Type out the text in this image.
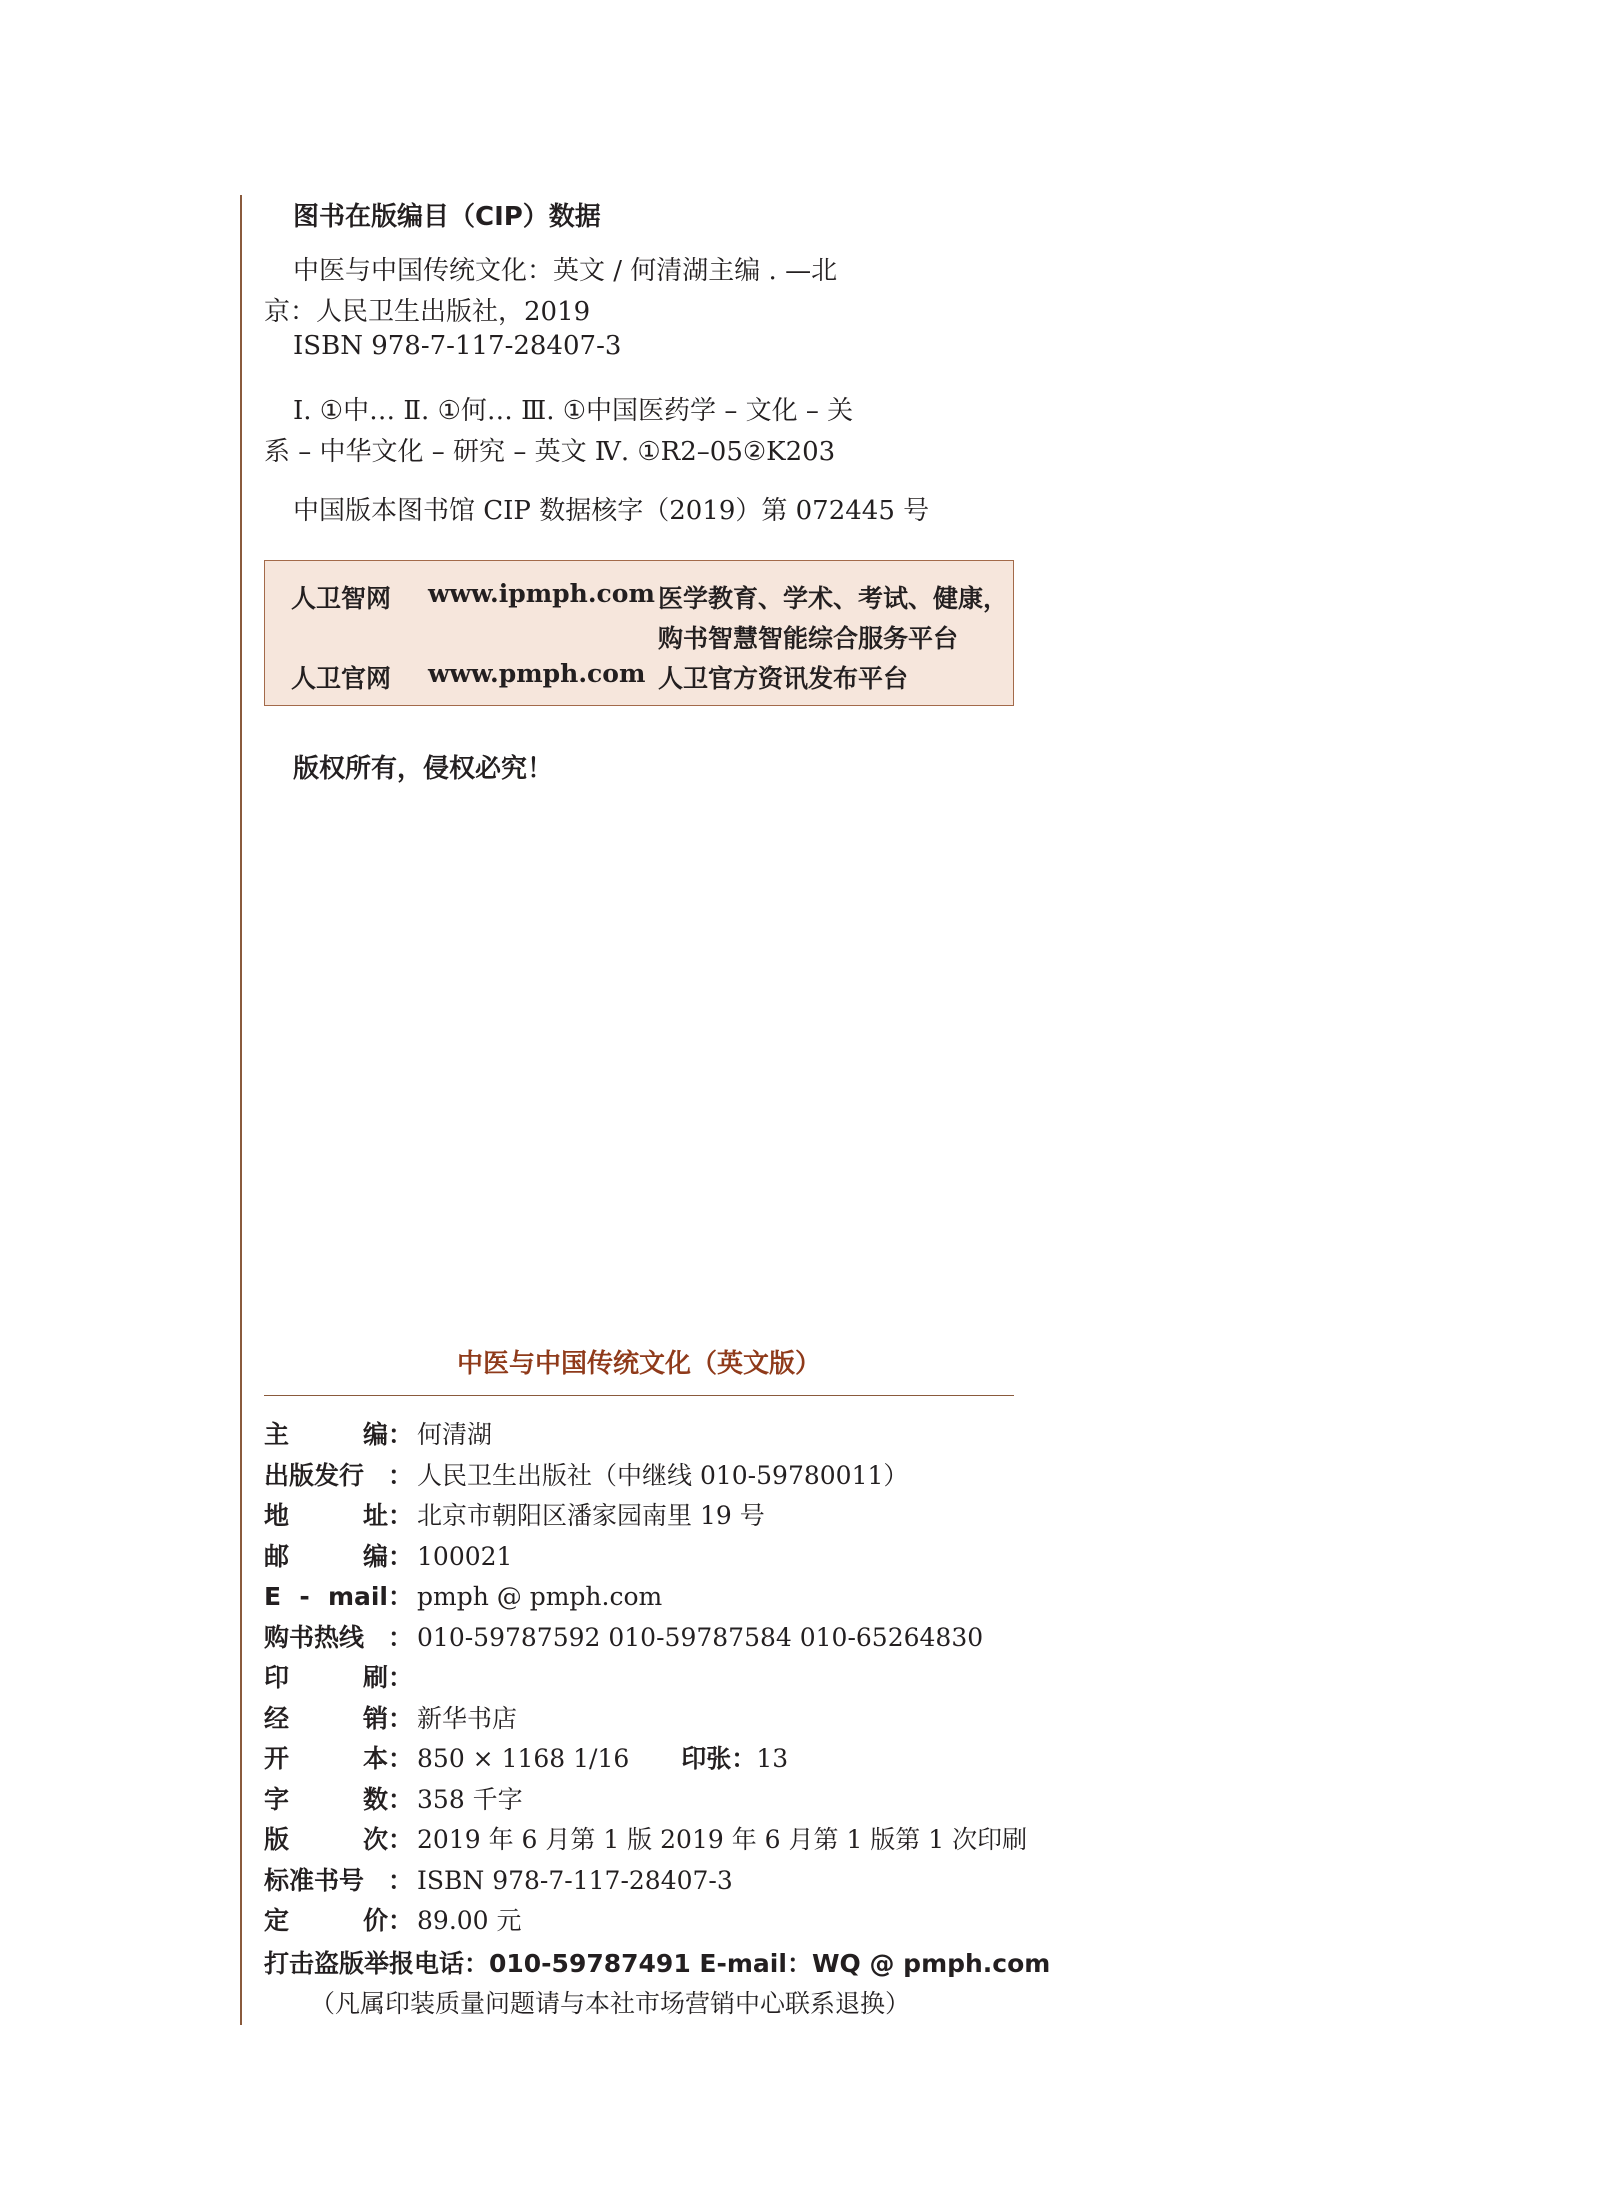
图书在版编目（CIP）数据
中医与中国传统文化：英文 / 何清湖主编 . —北
京：人民卫生出版社，2019
ISBN 978-7-117-28407-3
Ⅰ. ①中… Ⅱ. ①何… Ⅲ. ①中国医药学 – 文化 – 关
系 – 中华文化 – 研究 – 英文 Ⅳ. ①R2–05②K203
中国版本图书馆 CIP 数据核字（2019）第 072445 号
人卫智网 www.ipmph.com 医学教育、学术、考试、健康，
购书智慧智能综合服务平台
人卫官网 www.pmph.com 人卫官方资讯发布平台
版权所有，侵权必究！
中医与中国传统文化（英文版）
主	编 ： 何清湖
出版发行 ： 人民卫生出版社（中继线 010-59780011）
地	址 ： 北京市朝阳区潘家园南里 19 号
邮	编 ： 100021
E - mail ： pmph @ pmph.com
购书热线 ： 010-59787592 010-59787584 010-65264830
印	刷 ：
经	销 ： 新华书店
开	本 ： 850 × 1168 1/16 印张： 13
字	数 ： 358 千字
版	次 ： 2019 年 6 月第 1 版 2019 年 6 月第 1 版第 1 次印刷
标准书号 ： ISBN 978-7-117-28407-3
定	价 ： 89.00 元
打击盗版举报电话：010-59787491 E-mail：WQ @ pmph.com
（凡属印装质量问题请与本社市场营销中心联系退换）
